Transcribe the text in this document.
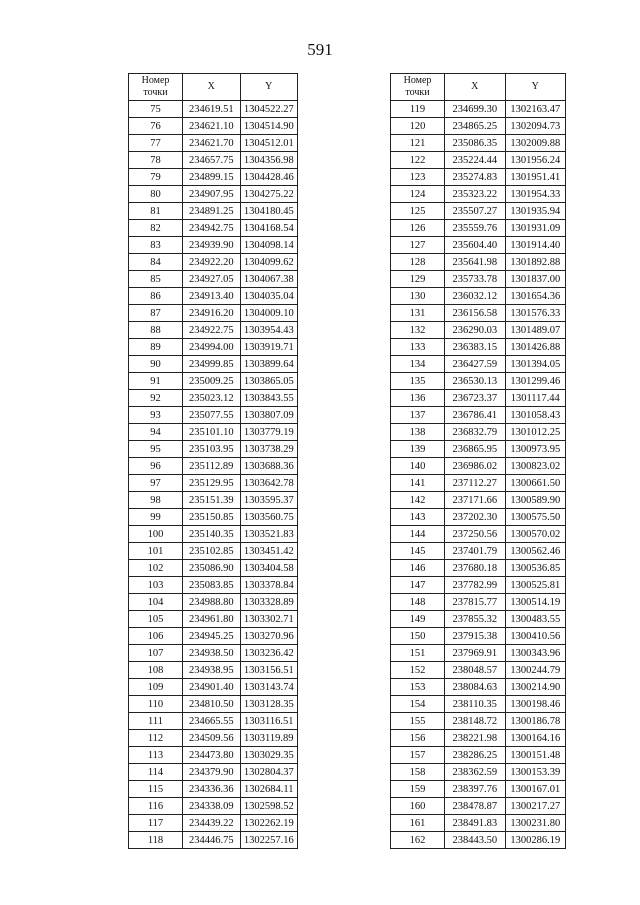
591
Номер точки	X	Y
75	234619.51	1304522.27
76	234621.10	1304514.90
77	234621.70	1304512.01
78	234657.75	1304356.98
79	234899.15	1304428.46
80	234907.95	1304275.22
81	234891.25	1304180.45
82	234942.75	1304168.54
83	234939.90	1304098.14
84	234922.20	1304099.62
85	234927.05	1304067.38
86	234913.40	1304035.04
87	234916.20	1304009.10
88	234922.75	1303954.43
89	234994.00	1303919.71
90	234999.85	1303899.64
91	235009.25	1303865.05
92	235023.12	1303843.55
93	235077.55	1303807.09
94	235101.10	1303779.19
95	235103.95	1303738.29
96	235112.89	1303688.36
97	235129.95	1303642.78
98	235151.39	1303595.37
99	235150.85	1303560.75
100	235140.35	1303521.83
101	235102.85	1303451.42
102	235086.90	1303404.58
103	235083.85	1303378.84
104	234988.80	1303328.89
105	234961.80	1303302.71
106	234945.25	1303270.96
107	234938.50	1303236.42
108	234938.95	1303156.51
109	234901.40	1303143.74
110	234810.50	1303128.35
111	234665.55	1303116.51
112	234509.56	1303119.89
113	234473.80	1303029.35
114	234379.90	1302804.37
115	234336.36	1302684.11
116	234338.09	1302598.52
117	234439.22	1302262.19
118	234446.75	1302257.16
Номер точки	X	Y
119	234699.30	1302163.47
120	234865.25	1302094.73
121	235086.35	1302009.88
122	235224.44	1301956.24
123	235274.83	1301951.41
124	235323.22	1301954.33
125	235507.27	1301935.94
126	235559.76	1301931.09
127	235604.40	1301914.40
128	235641.98	1301892.88
129	235733.78	1301837.00
130	236032.12	1301654.36
131	236156.58	1301576.33
132	236290.03	1301489.07
133	236383.15	1301426.88
134	236427.59	1301394.05
135	236530.13	1301299.46
136	236723.37	1301117.44
137	236786.41	1301058.43
138	236832.79	1301012.25
139	236865.95	1300973.95
140	236986.02	1300823.02
141	237112.27	1300661.50
142	237171.66	1300589.90
143	237202.30	1300575.50
144	237250.56	1300570.02
145	237401.79	1300562.46
146	237680.18	1300536.85
147	237782.99	1300525.81
148	237815.77	1300514.19
149	237855.32	1300483.55
150	237915.38	1300410.56
151	237969.91	1300343.96
152	238048.57	1300244.79
153	238084.63	1300214.90
154	238110.35	1300198.46
155	238148.72	1300186.78
156	238221.98	1300164.16
157	238286.25	1300151.48
158	238362.59	1300153.39
159	238397.76	1300167.01
160	238478.87	1300217.27
161	238491.83	1300231.80
162	238443.50	1300286.19
